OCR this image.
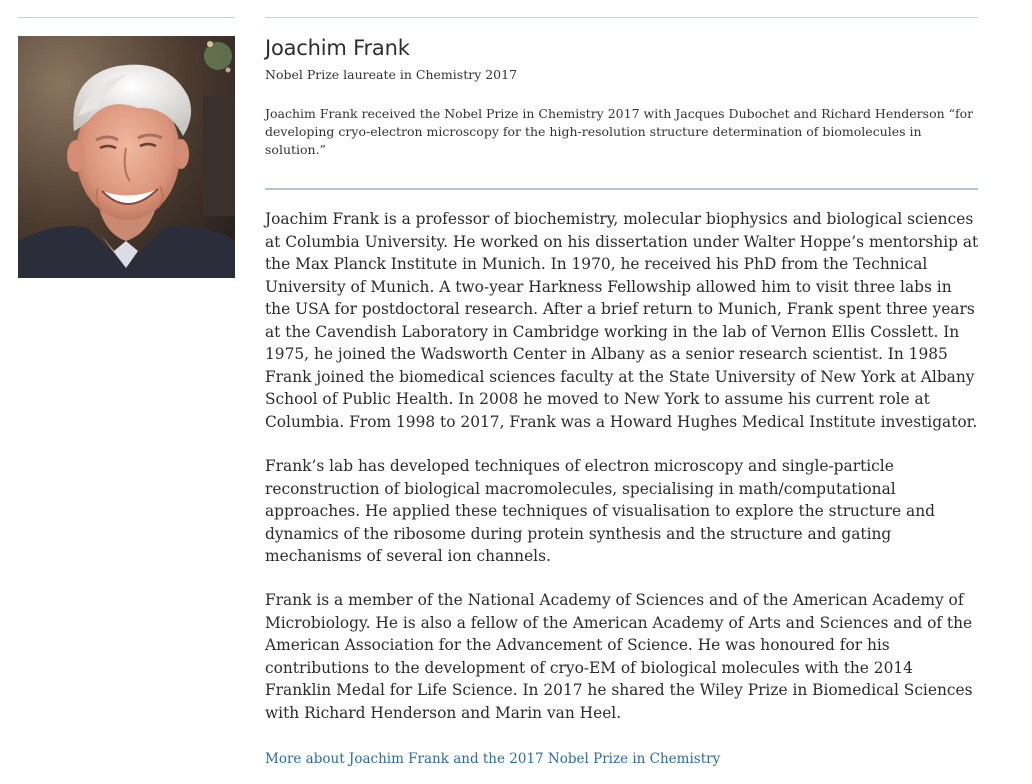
Joachim Frank
Nobel Prize laureate in Chemistry 2017
Joachim Frank received the Nobel Prize in Chemistry 2017 with Jacques Dubochet and Richard Henderson “for developing cryo-electron microscopy for the high-resolution structure determination of biomolecules in solution.”

Joachim Frank is a professor of biochemistry, molecular biophysics and biological sciences at Columbia University. He worked on his dissertation under Walter Hoppe’s mentorship at the Max Planck Institute in Munich. In 1970, he received his PhD from the Technical University of Munich. A two-year Harkness Fellowship allowed him to visit three labs in the USA for postdoctoral research. After a brief return to Munich, Frank spent three years at the Cavendish Laboratory in Cambridge working in the lab of Vernon Ellis Cosslett. In 1975, he joined the Wadsworth Center in Albany as a senior research scientist. In 1985 Frank joined the biomedical sciences faculty at the State University of New York at Albany School of Public Health. In 2008 he moved to New York to assume his current role at Columbia. From 1998 to 2017, Frank was a Howard Hughes Medical Institute investigator.

Frank’s lab has developed techniques of electron microscopy and single-particle reconstruction of biological macromolecules, specialising in math/computational approaches. He applied these techniques of visualisation to explore the structure and dynamics of the ribosome during protein synthesis and the structure and gating mechanisms of several ion channels.

Frank is a member of the National Academy of Sciences and of the American Academy of Microbiology. He is also a fellow of the American Academy of Arts and Sciences and of the American Association for the Advancement of Science. He was honoured for his contributions to the development of cryo-EM of biological molecules with the 2014 Franklin Medal for Life Science. In 2017 he shared the Wiley Prize in Biomedical Sciences with Richard Henderson and Marin van Heel.

More about Joachim Frank and the 2017 Nobel Prize in Chemistry
